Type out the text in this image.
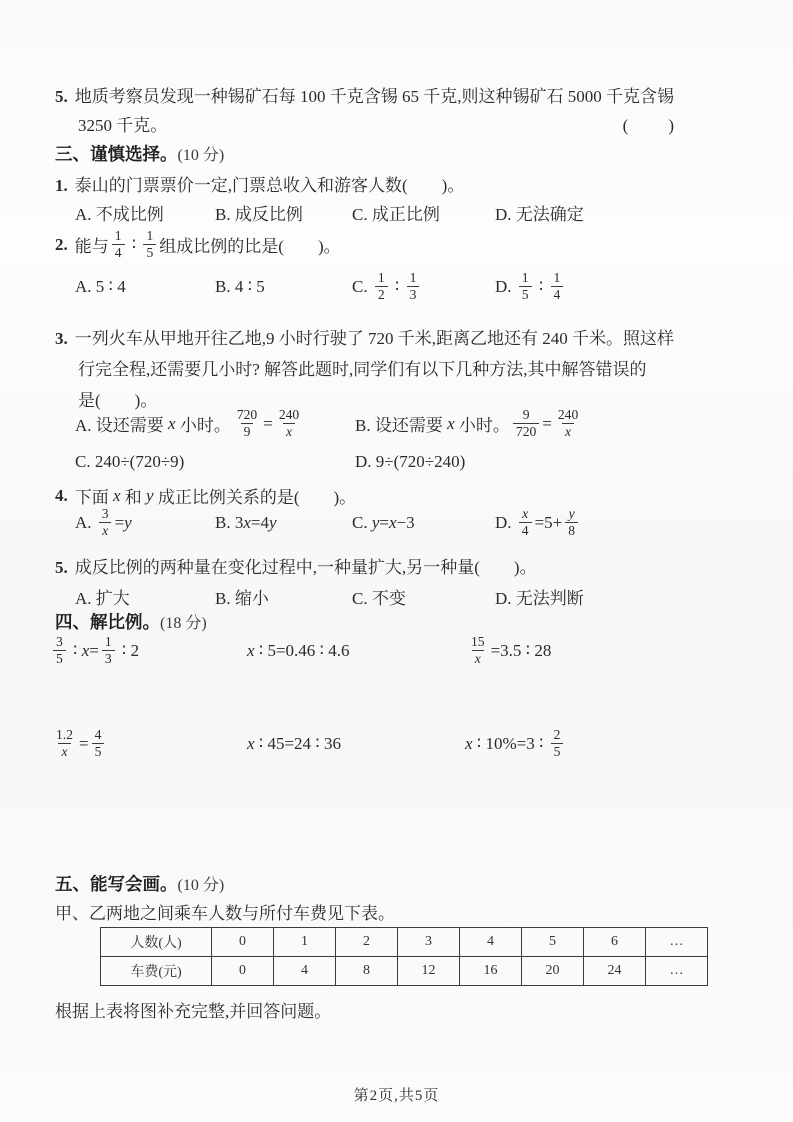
5. 地质考察员发现一种锡矿石每 100 千克含锡 65 千克,则这种锡矿石 5000 千克含锡
3250 千克。	(　　)
三、谨慎选择。(10 分)
1. 泰山的门票票价一定,门票总收入和游客人数(　　)。
A. 不成比例	B. 成反比例	C. 成正比例	D. 无法确定
2. 能与 $\frac{1}{4}$ ∶ $\frac{1}{5}$ 组成比例的比是(　　)。
A. 5 ∶ 4	B. 4 ∶ 5	C. $\frac{1}{2}$ ∶ $\frac{1}{3}$	D. $\frac{1}{5}$ ∶ $\frac{1}{4}$
3. 一列火车从甲地开往乙地,9 小时行驶了 720 千米,距离乙地还有 240 千米。照这样
行完全程,还需要几小时? 解答此题时,同学们有以下几种方法,其中解答错误的
是(　　)。
A. 设还需要 x 小时。 $\frac{720}{9} = \frac{240}{x}$	B. 设还需要 x 小时。 $\frac{9}{720} = \frac{240}{x}$
C. 240÷(720÷9)	D. 9÷(720÷240)
4. 下面 x 和 y 成正比例关系的是(　　)。
A. $\frac{3}{x} = y$	B. 3 x =4 y	C. y = x −3	D. $\frac{x}{4} =5+ \frac{y}{8}$
5. 成反比例的两种量在变化过程中,一种量扩大,另一种量(　　)。
A. 扩大	B. 缩小	C. 不变	D. 无法判断
四、解比例。(18 分)
$\frac{3}{5}$ ∶ $x = \frac{1}{3}$ ∶ 2	x ∶ 5=0.46 ∶ 4.6	$\frac{15}{x} =3.5$ ∶ 28
$\frac{1.2}{x} = \frac{4}{5}$	x ∶ 45=24 ∶ 36	x ∶ 10%=3 ∶ $\frac{2}{5}$
五、能写会画。(10 分)
甲、乙两地之间乘车人数与所付车费见下表。
人数(人)	0	1	2	3	4	5	6	…
车费(元)	0	4	8	12	16	20	24	…
根据上表将图补充完整,并回答问题。
第2页,共5页
